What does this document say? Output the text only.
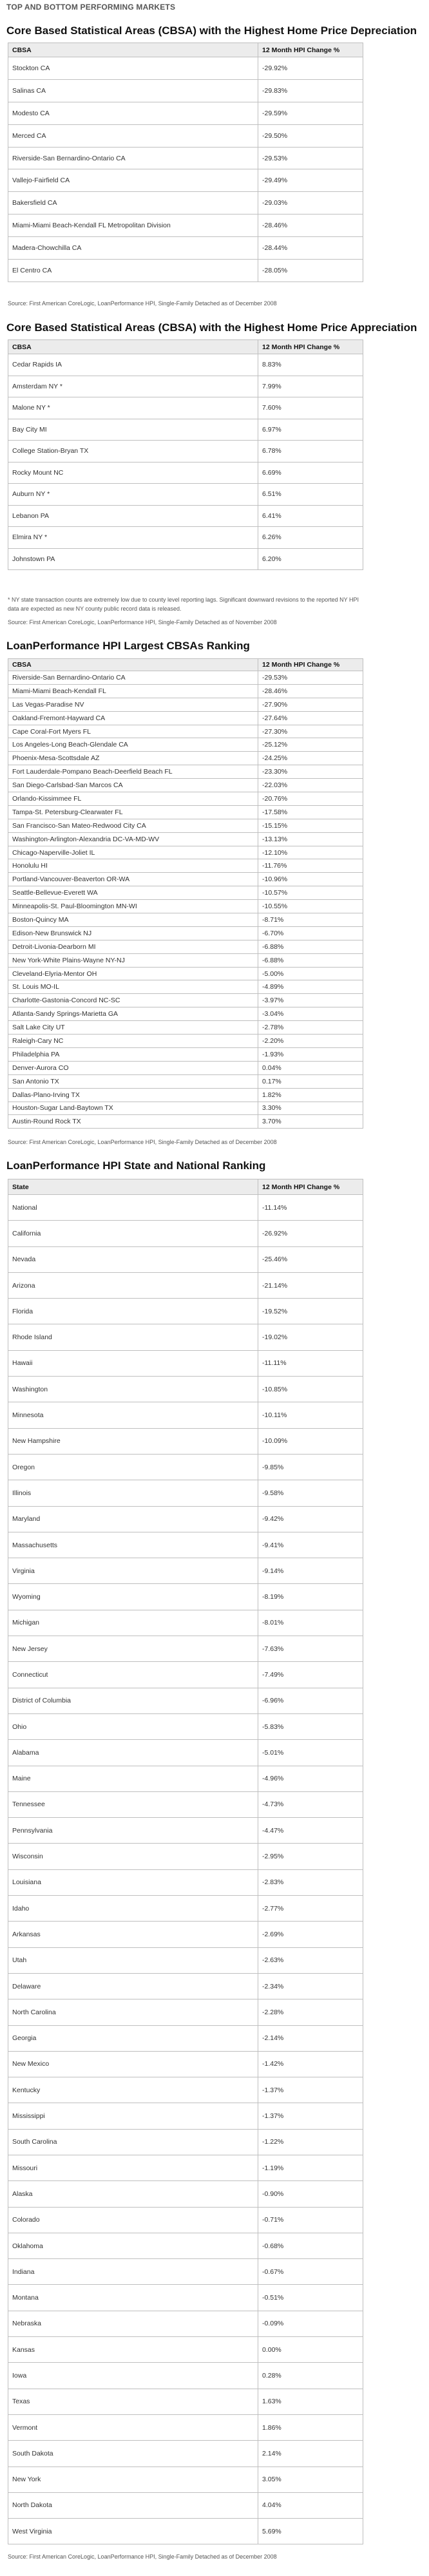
TOP AND BOTTOM PERFORMING MARKETS
Core Based Statistical Areas (CBSA) with the Highest Home Price Depreciation
CBSA	12 Month HPI Change %
Stockton CA	-29.92%
Salinas CA	-29.83%
Modesto CA	-29.59%
Merced CA	-29.50%
Riverside-San Bernardino-Ontario CA	-29.53%
Vallejo-Fairfield CA	-29.49%
Bakersfield CA	-29.03%
Miami-Miami Beach-Kendall FL Metropolitan Division	-28.46%
Madera-Chowchilla CA	-28.44%
El Centro CA	-28.05%
Source: First American CoreLogic, LoanPerformance HPI, Single-Family Detached as of December 2008
Core Based Statistical Areas (CBSA) with the Highest Home Price Appreciation
CBSA	12 Month HPI Change %
Cedar Rapids IA	8.83%
Amsterdam NY *	7.99%
Malone NY *	7.60%
Bay City MI	6.97%
College Station-Bryan TX	6.78%
Rocky Mount NC	6.69%
Auburn NY *	6.51%
Lebanon PA	6.41%
Elmira NY *	6.26%
Johnstown PA	6.20%
* NY state transaction counts are extremely low due to county level reporting lags. Significant downward revisions to the reported NY HPI data are expected as new NY county public record data is released.
Source: First American CoreLogic, LoanPerformance HPI, Single-Family Detached as of November 2008
LoanPerformance HPI Largest CBSAs Ranking
CBSA	12 Month HPI Change %
Riverside-San Bernardino-Ontario CA	-29.53%
Miami-Miami Beach-Kendall FL	-28.46%
Las Vegas-Paradise NV	-27.90%
Oakland-Fremont-Hayward CA	-27.64%
Cape Coral-Fort Myers FL	-27.30%
Los Angeles-Long Beach-Glendale CA	-25.12%
Phoenix-Mesa-Scottsdale AZ	-24.25%
Fort Lauderdale-Pompano Beach-Deerfield Beach FL	-23.30%
San Diego-Carlsbad-San Marcos CA	-22.03%
Orlando-Kissimmee FL	-20.76%
Tampa-St. Petersburg-Clearwater FL	-17.58%
San Francisco-San Mateo-Redwood City CA	-15.15%
Washington-Arlington-Alexandria DC-VA-MD-WV	-13.13%
Chicago-Naperville-Joliet IL	-12.10%
Honolulu HI	-11.76%
Portland-Vancouver-Beaverton OR-WA	-10.96%
Seattle-Bellevue-Everett WA	-10.57%
Minneapolis-St. Paul-Bloomington MN-WI	-10.55%
Boston-Quincy MA	-8.71%
Edison-New Brunswick NJ	-6.70%
Detroit-Livonia-Dearborn MI	-6.88%
New York-White Plains-Wayne NY-NJ	-6.88%
Cleveland-Elyria-Mentor OH	-5.00%
St. Louis MO-IL	-4.89%
Charlotte-Gastonia-Concord NC-SC	-3.97%
Atlanta-Sandy Springs-Marietta GA	-3.04%
Salt Lake City UT	-2.78%
Raleigh-Cary NC	-2.20%
Philadelphia PA	-1.93%
Denver-Aurora CO	0.04%
San Antonio TX	0.17%
Dallas-Plano-Irving TX	1.82%
Houston-Sugar Land-Baytown TX	3.30%
Austin-Round Rock TX	3.70%
Source: First American CoreLogic, LoanPerformance HPI, Single-Family Detached as of December 2008
LoanPerformance HPI State and National Ranking
State	12 Month HPI Change %
National	-11.14%
California	-26.92%
Nevada	-25.46%
Arizona	-21.14%
Florida	-19.52%
Rhode Island	-19.02%
Hawaii	-11.11%
Washington	-10.85%
Minnesota	-10.11%
New Hampshire	-10.09%
Oregon	-9.85%
Illinois	-9.58%
Maryland	-9.42%
Massachusetts	-9.41%
Virginia	-9.14%
Wyoming	-8.19%
Michigan	-8.01%
New Jersey	-7.63%
Connecticut	-7.49%
District of Columbia	-6.96%
Ohio	-5.83%
Alabama	-5.01%
Maine	-4.96%
Tennessee	-4.73%
Pennsylvania	-4.47%
Wisconsin	-2.95%
Louisiana	-2.83%
Idaho	-2.77%
Arkansas	-2.69%
Utah	-2.63%
Delaware	-2.34%
North Carolina	-2.28%
Georgia	-2.14%
New Mexico	-1.42%
Kentucky	-1.37%
Mississippi	-1.37%
South Carolina	-1.22%
Missouri	-1.19%
Alaska	-0.90%
Colorado	-0.71%
Oklahoma	-0.68%
Indiana	-0.67%
Montana	-0.51%
Nebraska	-0.09%
Kansas	0.00%
Iowa	0.28%
Texas	1.63%
Vermont	1.86%
South Dakota	2.14%
New York	3.05%
North Dakota	4.04%
West Virginia	5.69%
Source: First American CoreLogic, LoanPerformance HPI, Single-Family Detached as of December 2008
